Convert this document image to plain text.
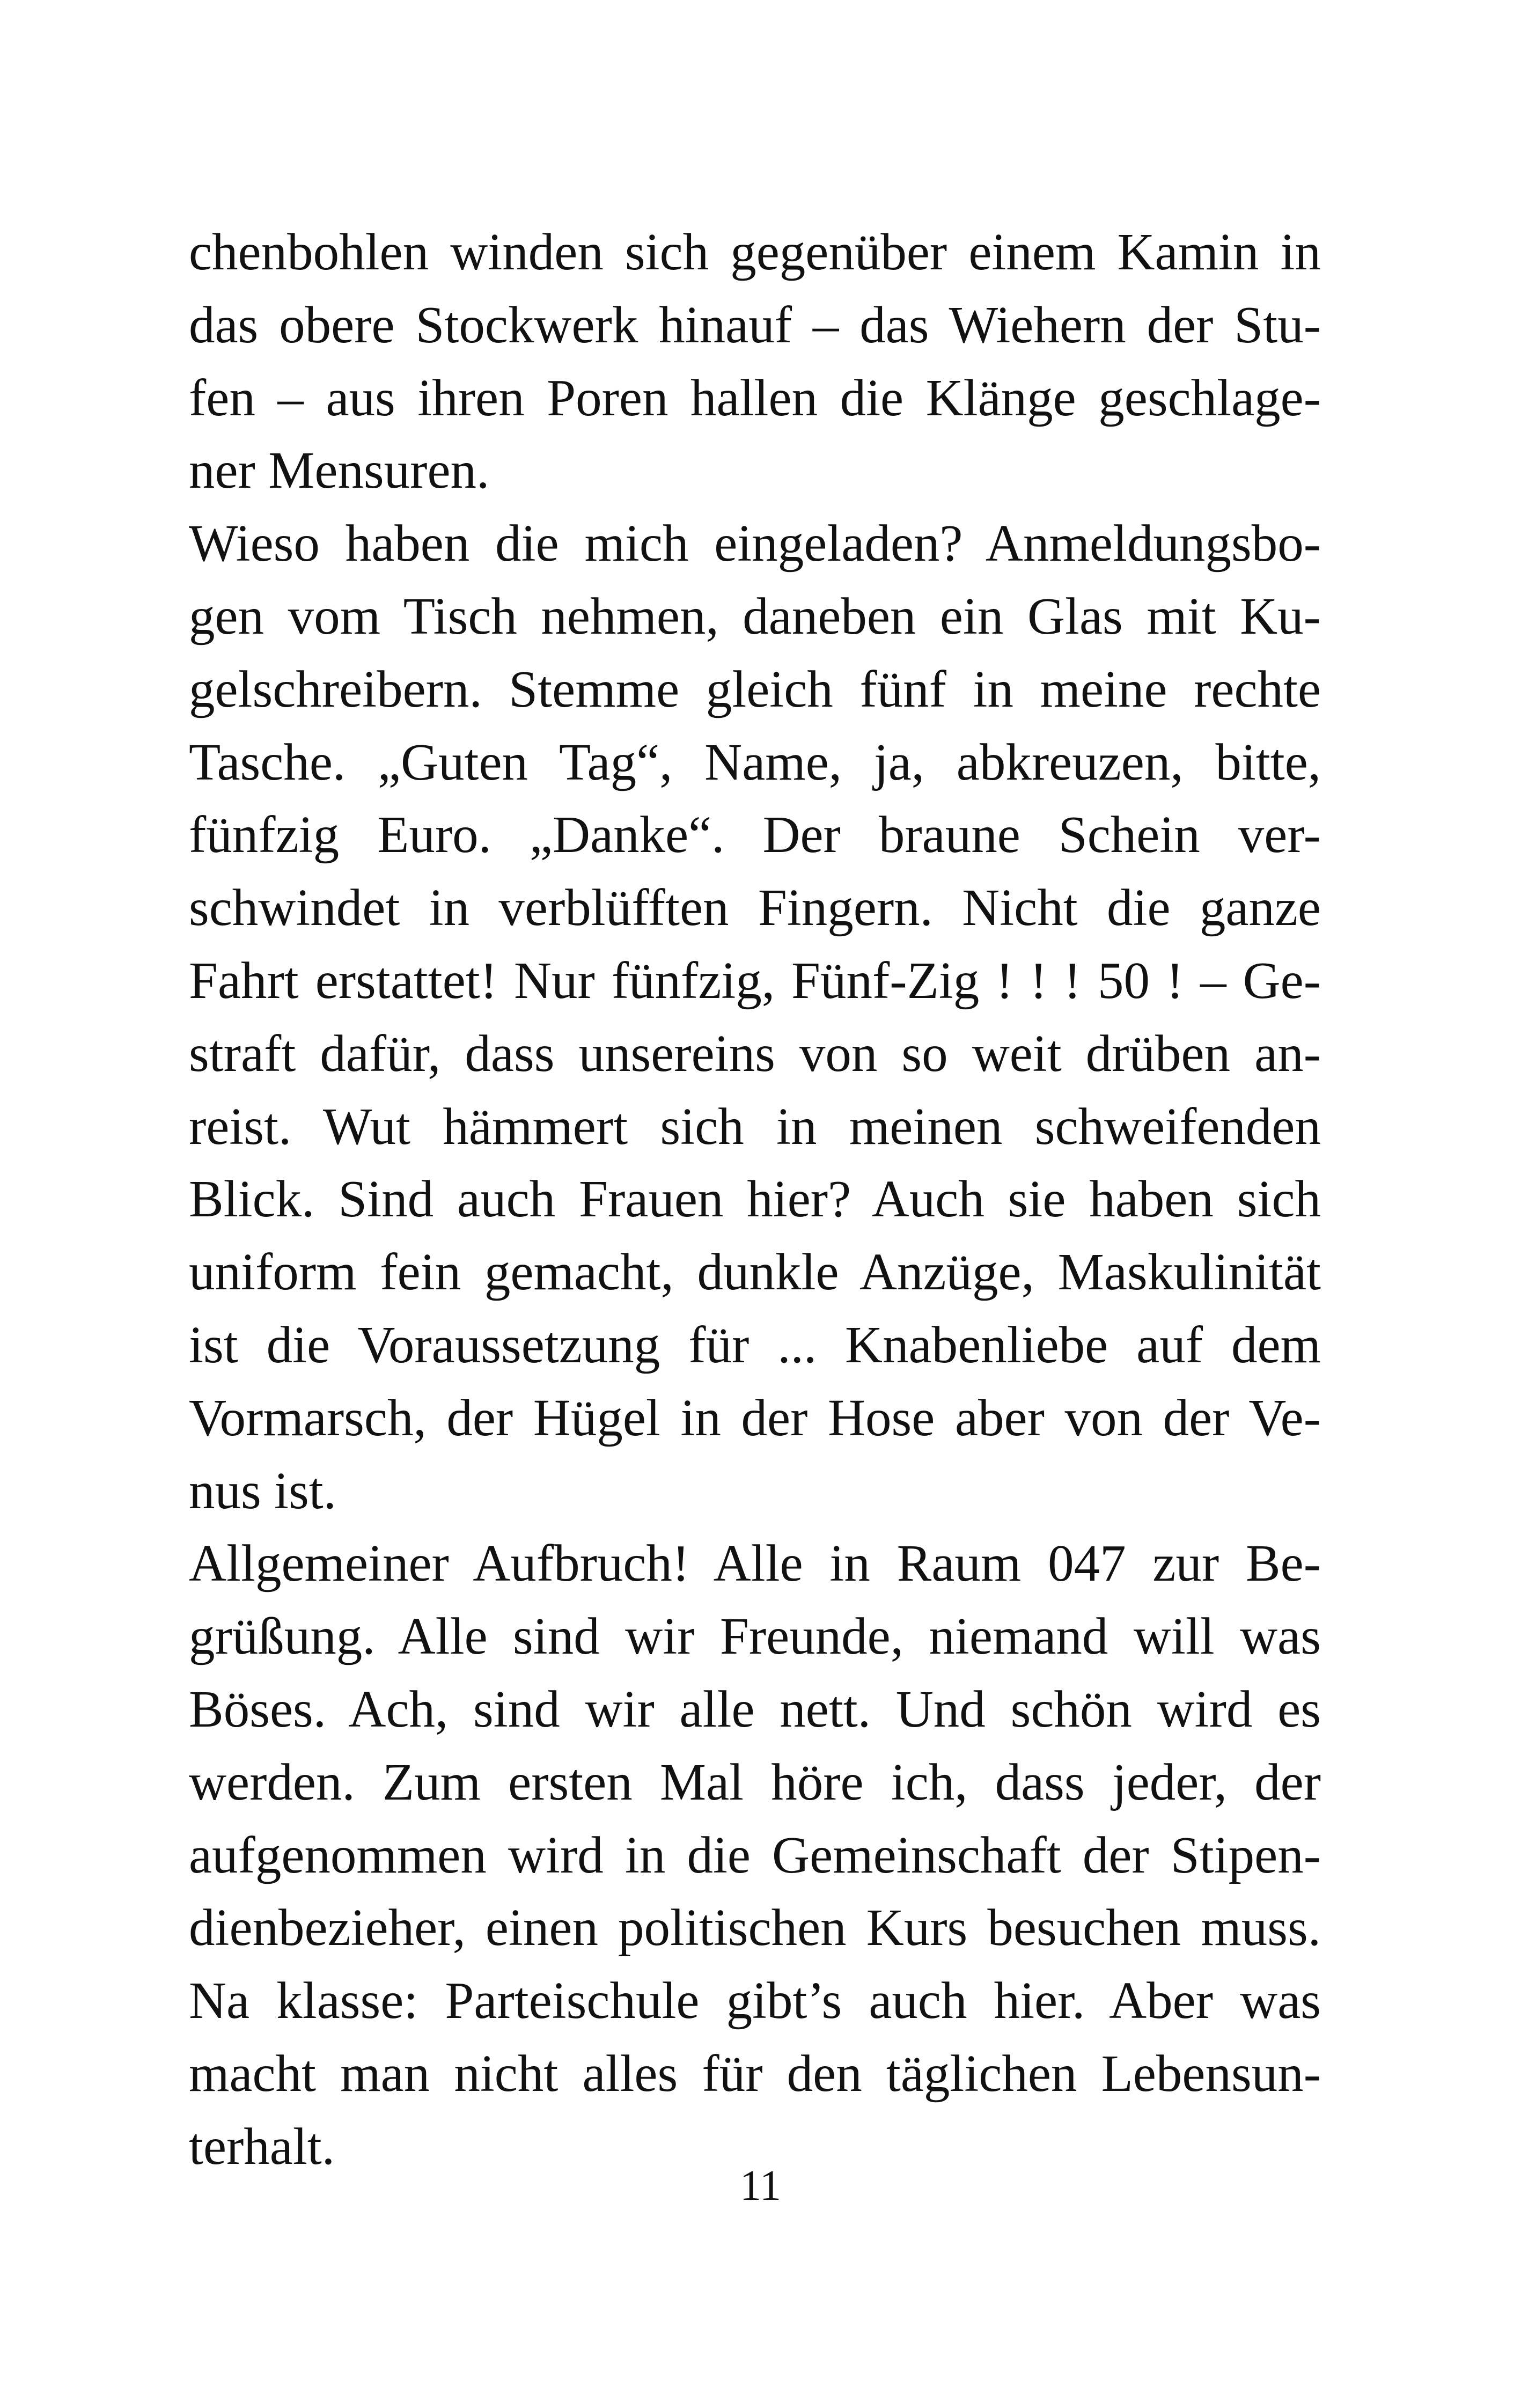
chenbohlen winden sich gegenüber einem Kamin in
das obere Stockwerk hinauf – das Wiehern der Stu-
fen – aus ihren Poren hallen die Klänge geschlage-
ner Mensuren.
Wieso haben die mich eingeladen? Anmeldungsbo-
gen vom Tisch nehmen, daneben ein Glas mit Ku-
gelschreibern. Stemme gleich fünf in meine rechte
Tasche. „Guten Tag“, Name, ja, abkreuzen, bitte,
fünfzig Euro. „Danke“. Der braune Schein ver-
schwindet in verblüfften Fingern. Nicht die ganze
Fahrt erstattet! Nur fünfzig, Fünf-Zig ! ! ! 50 ! – Ge-
straft dafür, dass unsereins von so weit drüben an-
reist. Wut hämmert sich in meinen schweifenden
Blick. Sind auch Frauen hier? Auch sie haben sich
uniform fein gemacht, dunkle Anzüge, Maskulinität
ist die Voraussetzung für ... Knabenliebe auf dem
Vormarsch, der Hügel in der Hose aber von der Ve-
nus ist.
Allgemeiner Aufbruch! Alle in Raum 047 zur Be-
grüßung. Alle sind wir Freunde, niemand will was
Böses. Ach, sind wir alle nett. Und schön wird es
werden. Zum ersten Mal höre ich, dass jeder, der
aufgenommen wird in die Gemeinschaft der Stipen-
dienbezieher, einen politischen Kurs besuchen muss.
Na klasse: Parteischule gibt’s auch hier. Aber was
macht man nicht alles für den täglichen Lebensun-
terhalt.
11
